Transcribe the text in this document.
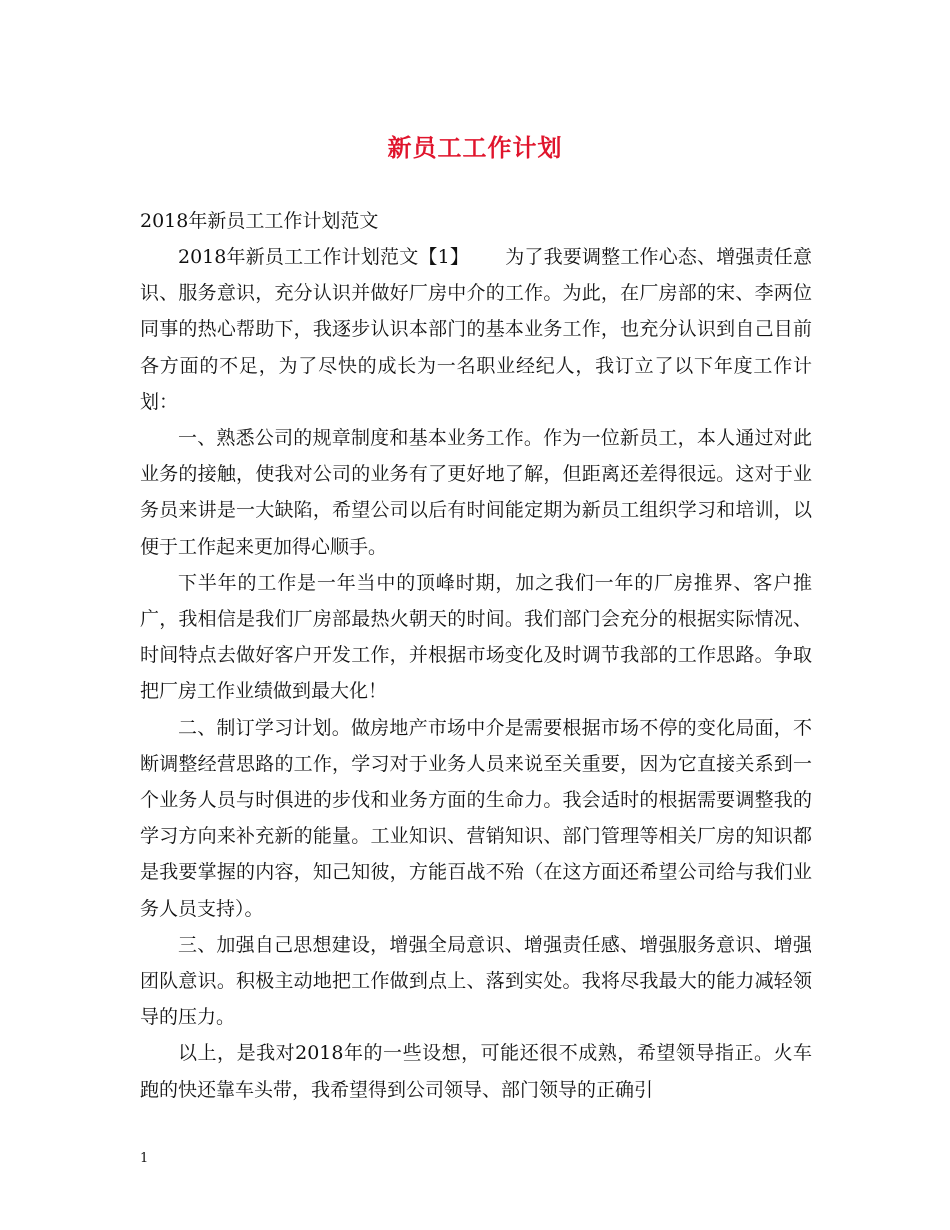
新员工工作计划
2018年新员工工作计划范文

2018年新员工工作计划范文【1】 为了我要调整工作心态、增强责任意识、服务意识，充分认识并做好厂房中介的工作。为此，在厂房部的宋、李两位同事的热心帮助下，我逐步认识本部门的基本业务工作，也充分认识到自己目前各方面的不足，为了尽快的成长为一名职业经纪人，我订立了以下年度工作计划：

一、熟悉公司的规章制度和基本业务工作。作为一位新员工，本人通过对此业务的接触，使我对公司的业务有了更好地了解，但距离还差得很远。这对于业务员来讲是一大缺陷，希望公司以后有时间能定期为新员工组织学习和培训，以便于工作起来更加得心顺手。

下半年的工作是一年当中的顶峰时期，加之我们一年的厂房推界、客户推广，我相信是我们厂房部最热火朝天的时间。我们部门会充分的根据实际情况、时间特点去做好客户开发工作，并根据市场变化及时调节我部的工作思路。争取把厂房工作业绩做到最大化！

二、制订学习计划。做房地产市场中介是需要根据市场不停的变化局面，不断调整经营思路的工作，学习对于业务人员来说至关重要，因为它直接关系到一个业务人员与时俱进的步伐和业务方面的生命力。我会适时的根据需要调整我的学习方向来补充新的能量。工业知识、营销知识、部门管理等相关厂房的知识都是我要掌握的内容，知己知彼，方能百战不殆（在这方面还希望公司给与我们业务人员支持）。

三、加强自己思想建设，增强全局意识、增强责任感、增强服务意识、增强团队意识。积极主动地把工作做到点上、落到实处。我将尽我最大的能力减轻领导的压力。

以上，是我对2018年的一些设想，可能还很不成熟，希望领导指正。火车跑的快还靠车头带，我希望得到公司领导、部门领导的正确引

1
